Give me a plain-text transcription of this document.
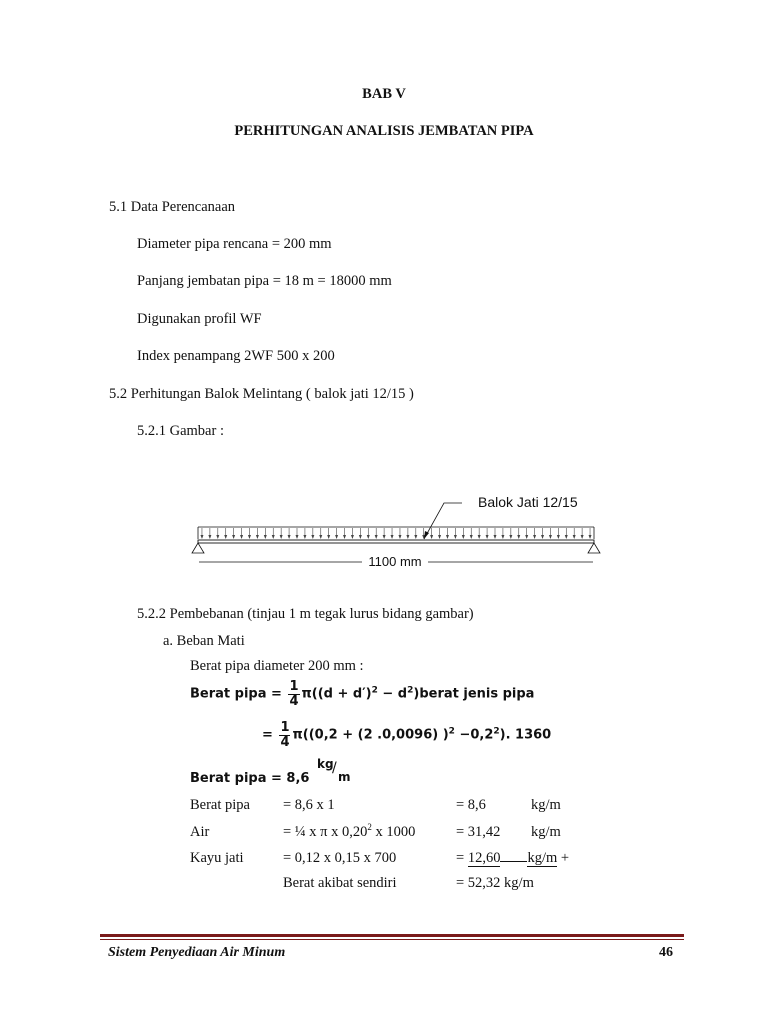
BAB V
PERHITUNGAN ANALISIS JEMBATAN PIPA
5.1 Data Perencanaan
Diameter pipa rencana = 200 mm
Panjang jembatan pipa = 18 m = 18000 mm
Digunakan profil WF
Index penampang 2WF 500 x 200
5.2 Perhitungan Balok Melintang ( balok jati 12/15 )
5.2.1 Gambar :
1100 mm
Balok Jati 12/15
5.2.2 Pembebanan (tinjau 1 m tegak lurus bidang gambar)
a. Beban Mati
Berat pipa diameter 200 mm :
Berat pipa = $\frac{1}{4} \pi((d + d')^2$ − $d^2)berat$ jenis pipa
= $\frac{1}{4} \pi((0,2 + (2$ .0,0096) )$^2 -0,2^2$). 1360
Berat pipa = 8,6
kg
/
m
Berat pipa = 8,6 x 1	= 8,6	kg/m
Air	= ¼ x π x 0,20$^2$ x 1000	= 31,42 kg/m
Kayu jati	= 0,12 x 0,15 x 700	= 12,60 kg/m +
Berat akibat sendiri	= 52,32 kg/m
Sistem Penyediaan Air Minum	46
